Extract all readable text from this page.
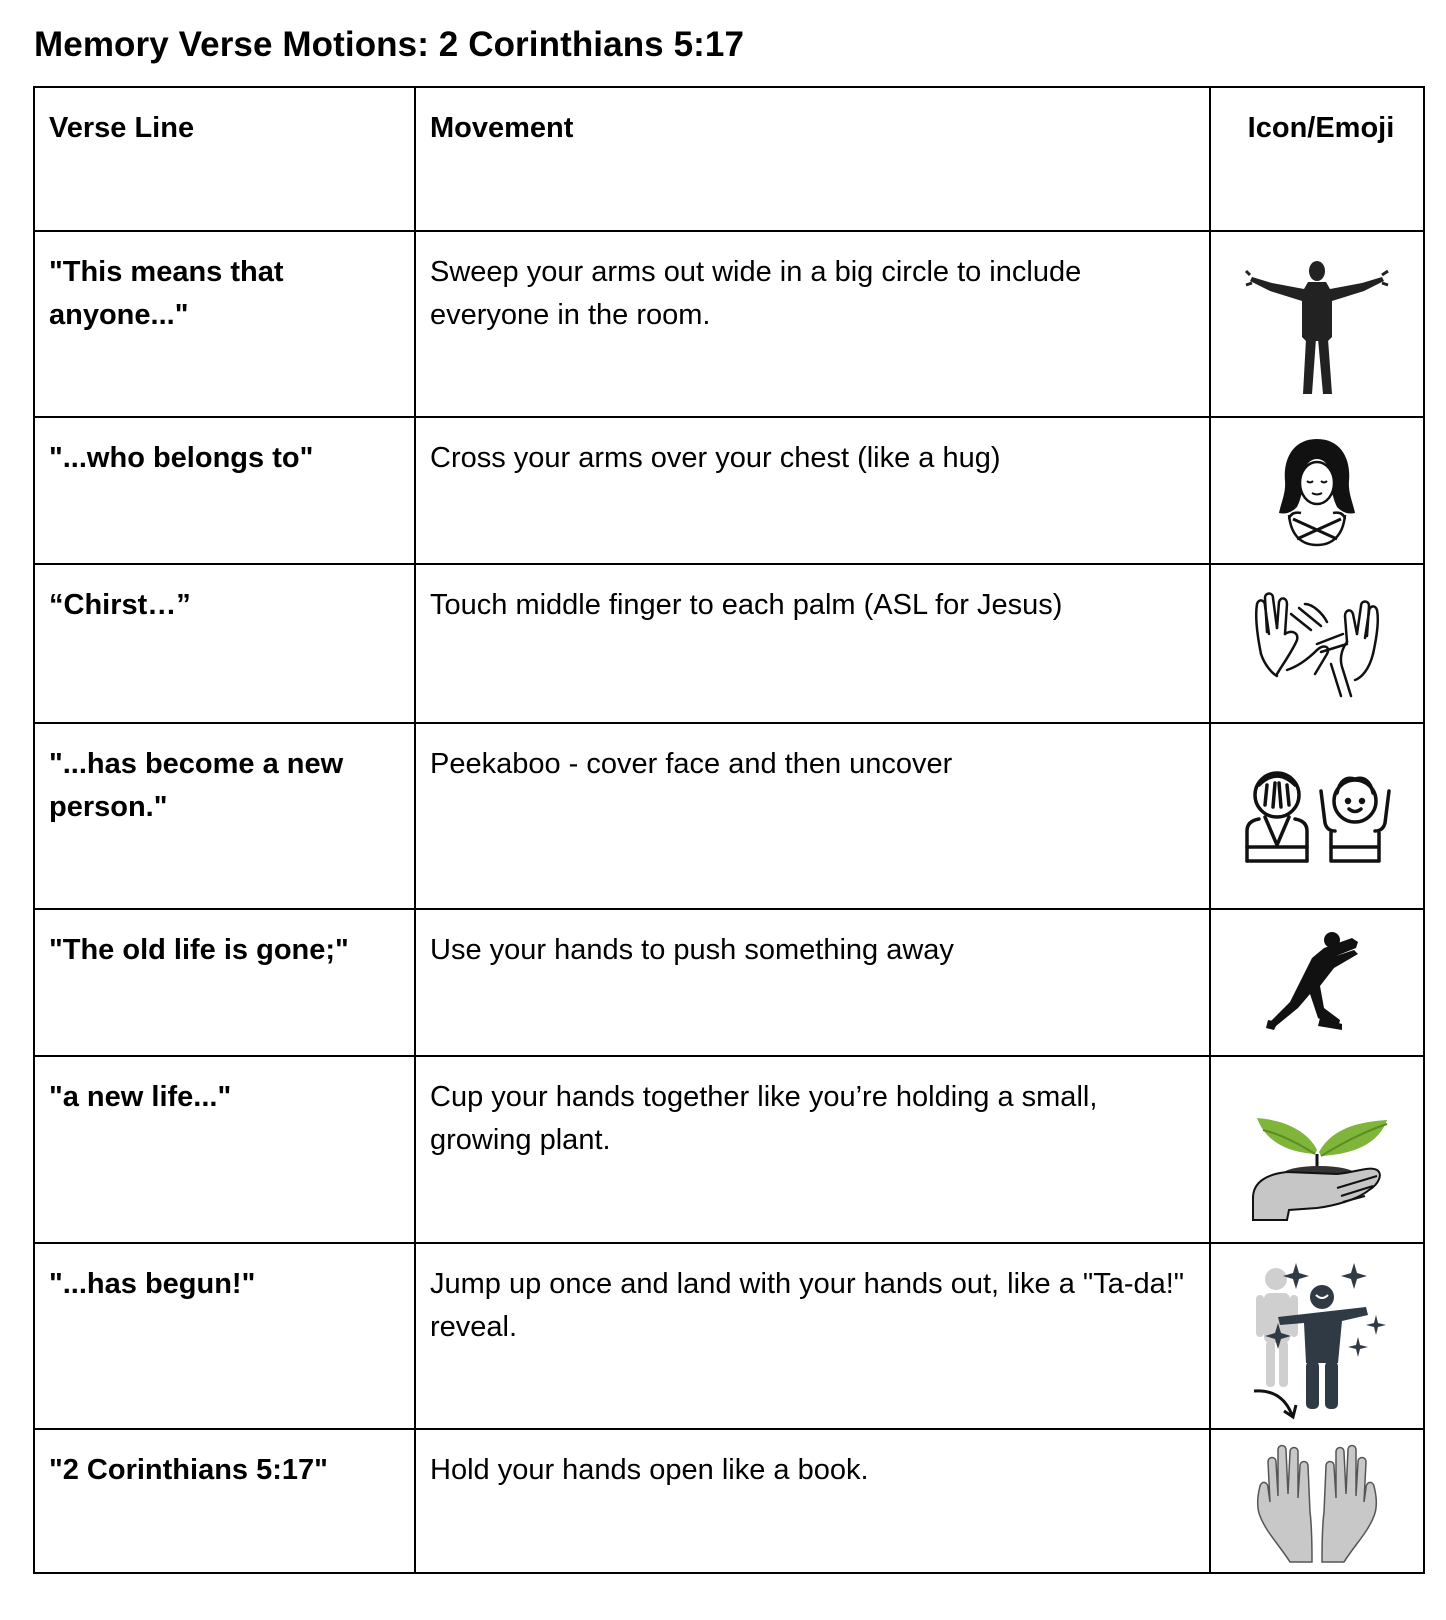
Memory Verse Motions: 2 Corinthians 5:17
Verse Line	Movement	Icon/Emoji
"This means that anyone..."	Sweep your arms out wide in a big circle to include everyone in the room.	

"...who belongs to"	Cross your arms over your chest (like a hug)	

“Chirst…”	Touch middle finger to each palm (ASL for Jesus)	

"...has become a new person."	Peekaboo - cover face and then uncover	

"The old life is gone;"	Use your hands to push something away	

"a new life..."	Cup your hands together like you’re holding a small, growing plant.	

"...has begun!"	Jump up once and land with your hands out, like a "Ta-da!" reveal.	

"2 Corinthians 5:17"	Hold your hands open like a book.	
